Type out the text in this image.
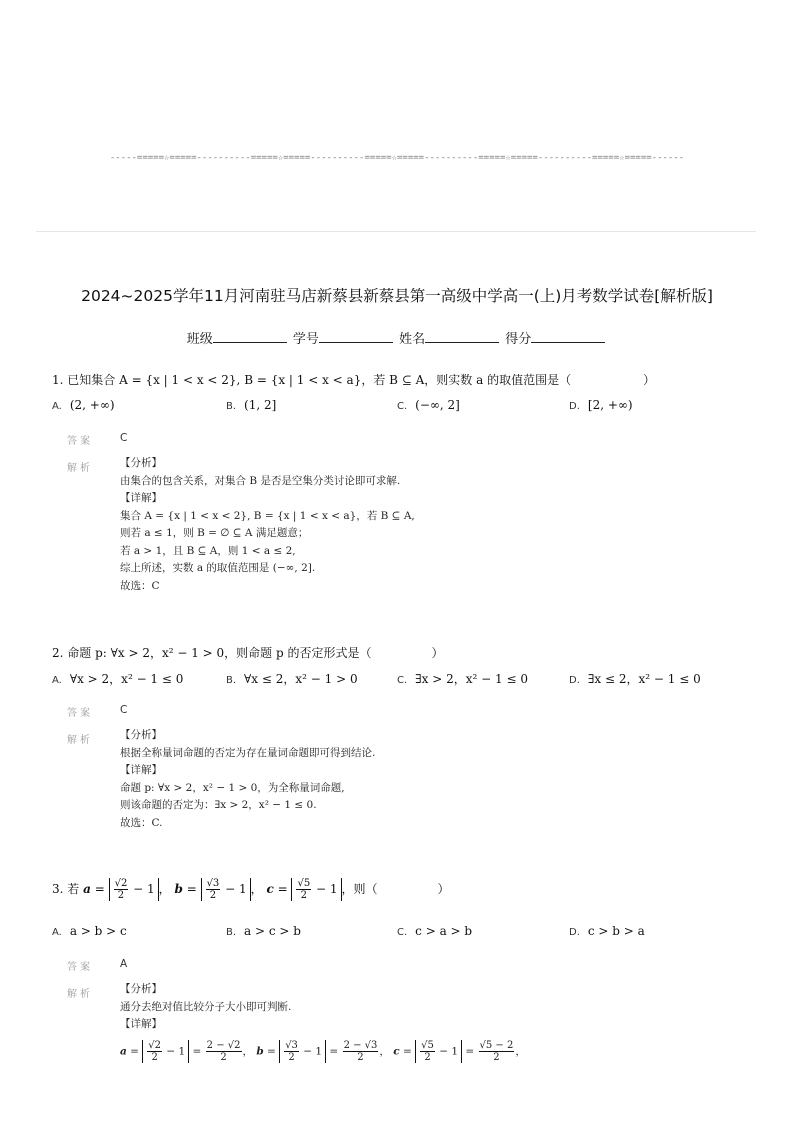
-----=====☆=====----------=====☆=====----------=====☆=====----------=====☆=====----------=====☆=====------
2024~2025学年11月河南驻马店新蔡县新蔡县第一高级中学高一(上)月考数学试卷[解析版]
班级	学号	姓名	得分
1. 已知集合 A = {x | 1 < x < 2}, B = {x | 1 < x < a}，若 B ⊆ A，则实数 a 的取值范围是（　　　　　　）
A. (2, +∞)	B. (1, 2]	C. (−∞, 2]	D. [2, +∞)
答案	C
解析	【分析】
由集合的包含关系，对集合 B 是否是空集分类讨论即可求解.
【详解】
集合 A = {x | 1 < x < 2}, B = {x | 1 < x < a}，若 B ⊆ A,
则若 a ≤ 1，则 B = ∅ ⊆ A 满足题意；
若 a > 1，且 B ⊆ A，则 1 < a ≤ 2,
综上所述，实数 a 的取值范围是 (−∞, 2].
故选：C
2. 命题 p: ∀x > 2，x² − 1 > 0，则命题 p 的否定形式是（　　　　　）
A. ∀x > 2，x² − 1 ≤ 0	B. ∀x ≤ 2，x² − 1 > 0	C. ∃x > 2，x² − 1 ≤ 0	D. ∃x ≤ 2，x² − 1 ≤ 0
答案	C
解析	【分析】
根据全称量词命题的否定为存在量词命题即可得到结论.
【详解】
命题 p: ∀x > 2，x² − 1 > 0，为全称量词命题,
则该命题的否定为：∃x > 2，x² − 1 ≤ 0.
故选：C.
3. 若 $a = \frac{√2}{2} - 1$ ， $b = \frac{√3}{2} - 1$ ， $c = \frac{√5}{2} - 1$ ，则（　　　　　）
A. a > b > c	B. a > c > b	C. c > a > b	D. c > b > a
答案	A
解析	【分析】
通分去绝对值比较分子大小即可判断.
【详解】
$a = \frac{√2}{2} - 1 = \frac{2 - √2}{2}$ ， $b = \frac{√3}{2} - 1 = \frac{2 - √3}{2}$ ， $c = \frac{√5}{2} - 1 = \frac{√5 - 2}{2}$ ，
